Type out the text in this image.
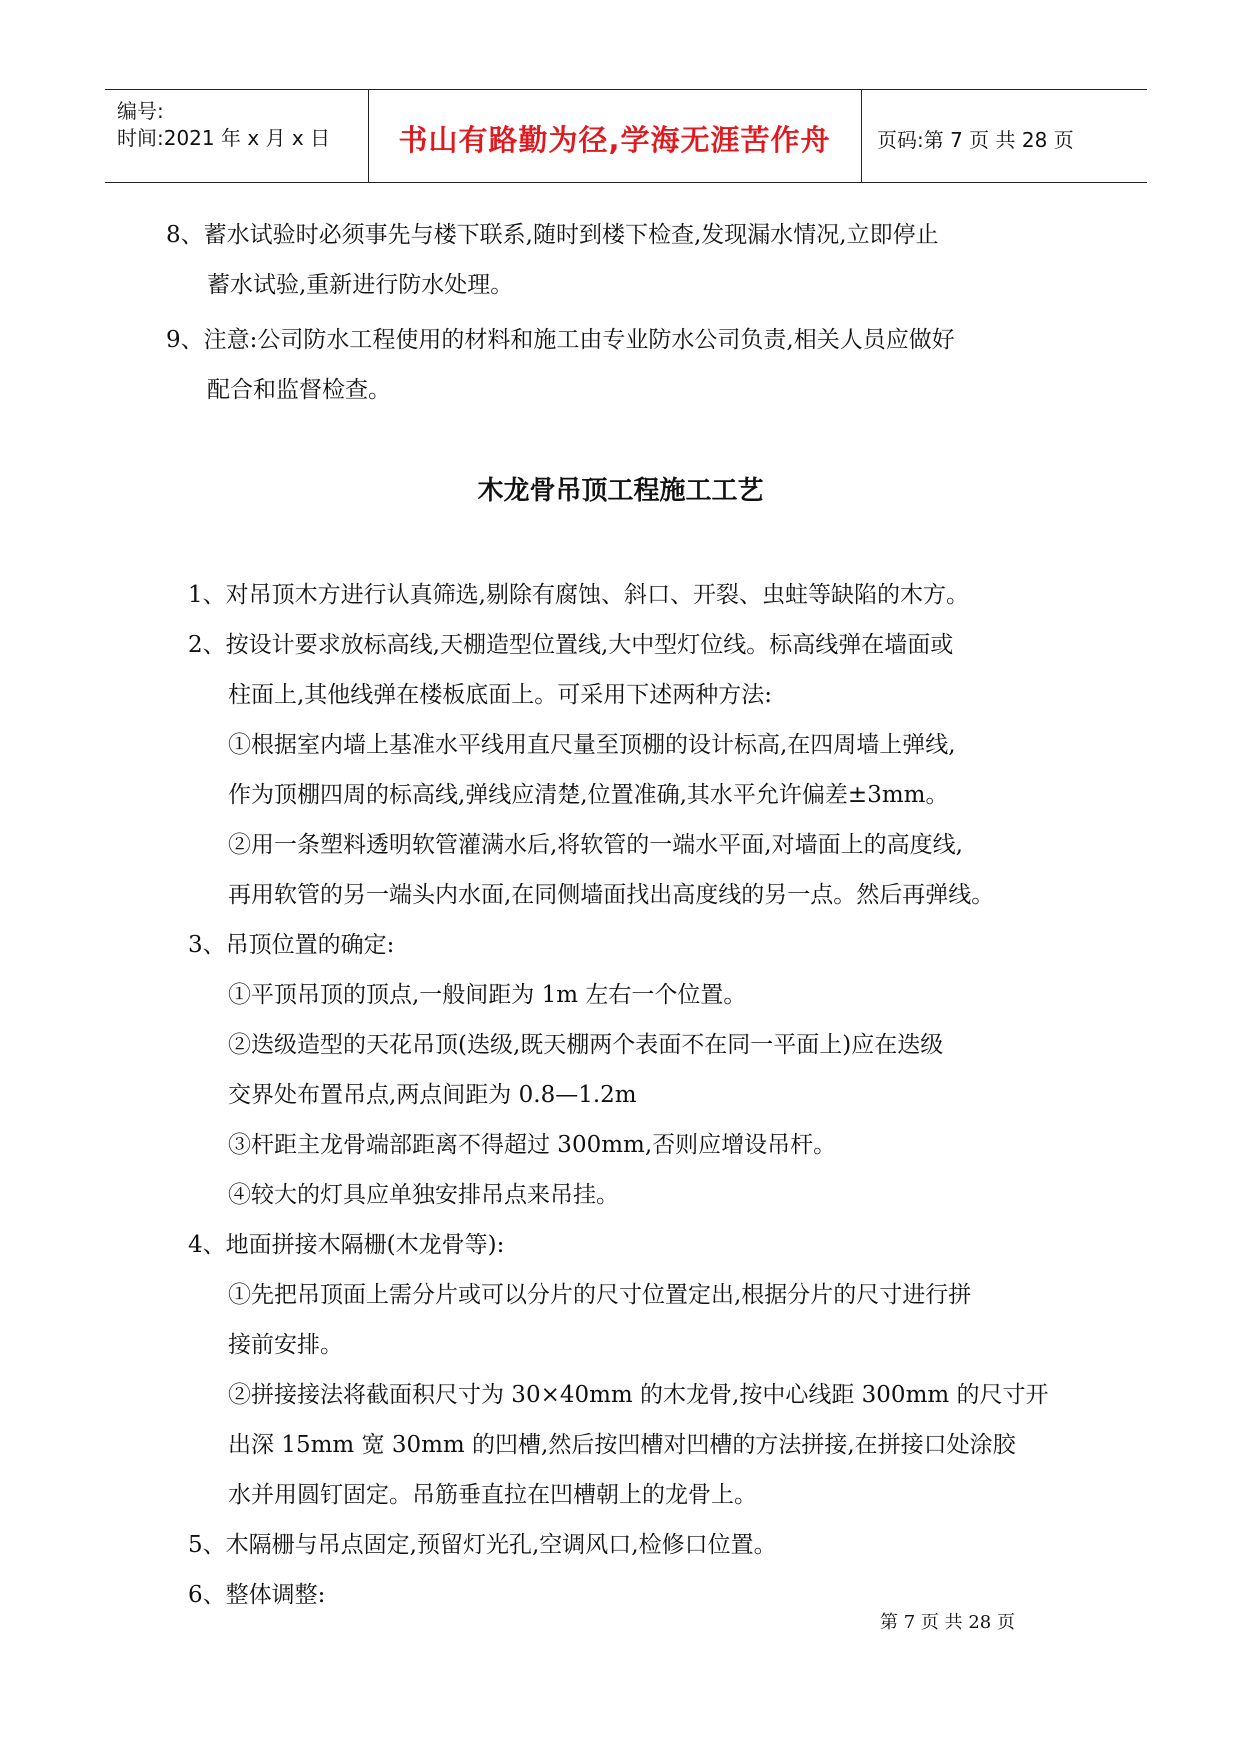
编号:
时间:2021 年 x 月 x 日	书山有路勤为径,学海无涯苦作舟	页码:第 7 页 共 28 页
8、蓄水试验时必须事先与楼下联系,随时到楼下检查,发现漏水情况,立即停止
蓄水试验,重新进行防水处理。
9、注意:公司防水工程使用的材料和施工由专业防水公司负责,相关人员应做好
配合和监督检查。
木龙骨吊顶工程施工工艺
1、对吊顶木方进行认真筛选,剔除有腐蚀、斜口、开裂、虫蛀等缺陷的木方。
2、按设计要求放标高线,天棚造型位置线,大中型灯位线。标高线弹在墙面或
柱面上,其他线弹在楼板底面上。可采用下述两种方法:
①根据室内墙上基准水平线用直尺量至顶棚的设计标高,在四周墙上弹线,
作为顶棚四周的标高线,弹线应清楚,位置准确,其水平允许偏差±3mm。
②用一条塑料透明软管灌满水后,将软管的一端水平面,对墙面上的高度线,
再用软管的另一端头内水面,在同侧墙面找出高度线的另一点。然后再弹线。
3、吊顶位置的确定:
①平顶吊顶的顶点,一般间距为 1m 左右一个位置。
②迭级造型的天花吊顶(迭级,既天棚两个表面不在同一平面上)应在迭级
交界处布置吊点,两点间距为 0.8—1.2m
③杆距主龙骨端部距离不得超过 300mm,否则应增设吊杆。
④较大的灯具应单独安排吊点来吊挂。
4、地面拼接木隔栅(木龙骨等):
①先把吊顶面上需分片或可以分片的尺寸位置定出,根据分片的尺寸进行拼
接前安排。
②拼接接法将截面积尺寸为 30×40mm 的木龙骨,按中心线距 300mm 的尺寸开
出深 15mm 宽 30mm 的凹槽,然后按凹槽对凹槽的方法拼接,在拼接口处涂胶
水并用圆钉固定。吊筋垂直拉在凹槽朝上的龙骨上。
5、木隔栅与吊点固定,预留灯光孔,空调风口,检修口位置。
6、整体调整:
第 7 页 共 28 页
